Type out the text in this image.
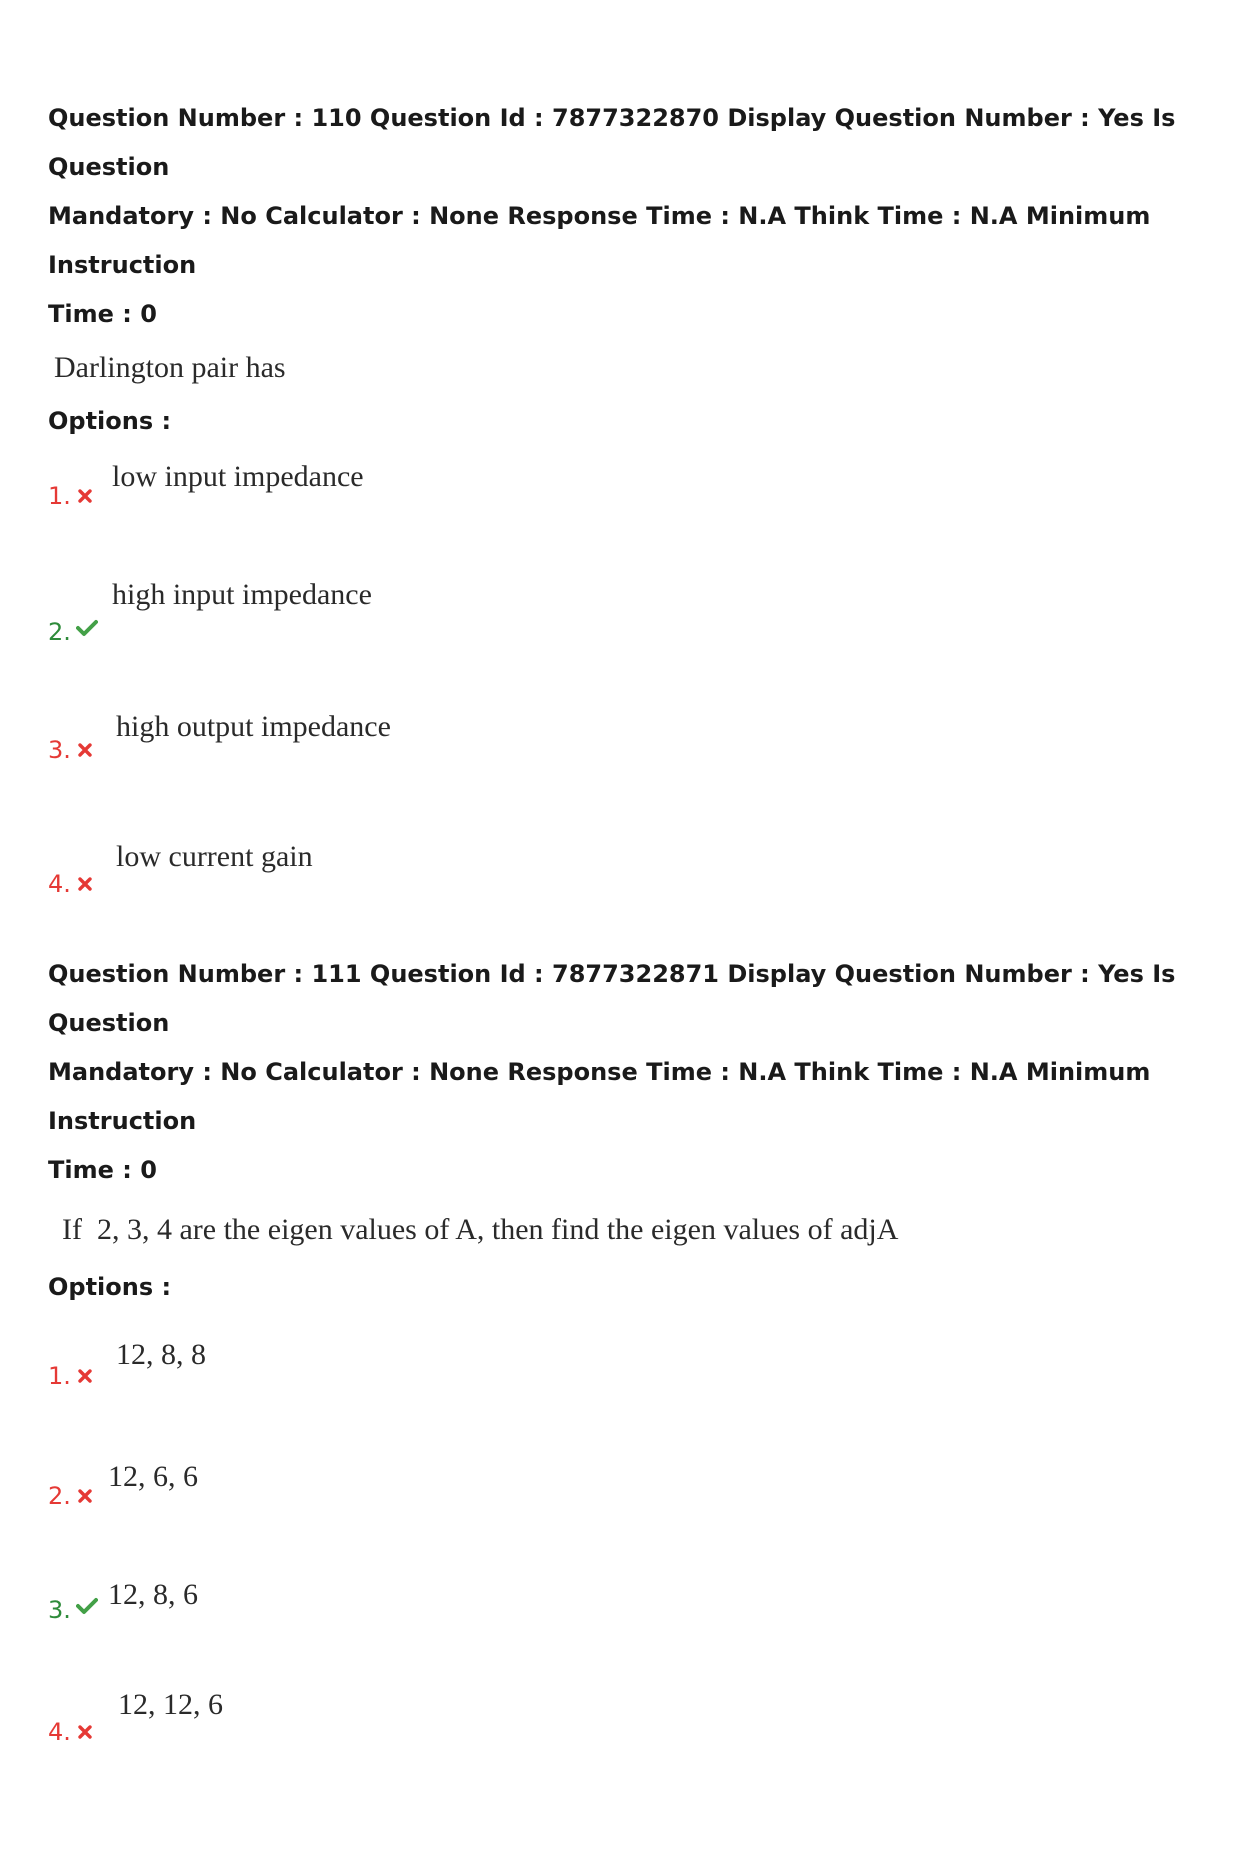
Question Number : 110 Question Id : 7877322870 Display Question Number : Yes Is Question

Mandatory : No Calculator : None Response Time : N.A Think Time : N.A Minimum Instruction

Time : 0

Darlington pair has
Options :
1.
low input impedance
2.
high input impedance
3.
high output impedance
4.
low current gain

Question Number : 111 Question Id : 7877322871 Display Question Number : Yes Is Question

Mandatory : No Calculator : None Response Time : N.A Think Time : N.A Minimum Instruction

Time : 0

If  2, 3, 4 are the eigen values of A, then find the eigen values of adjA
Options :
1.
12, 8, 8
2.
12, 6, 6
3. 12, 8, 6
4.
12, 12, 6
